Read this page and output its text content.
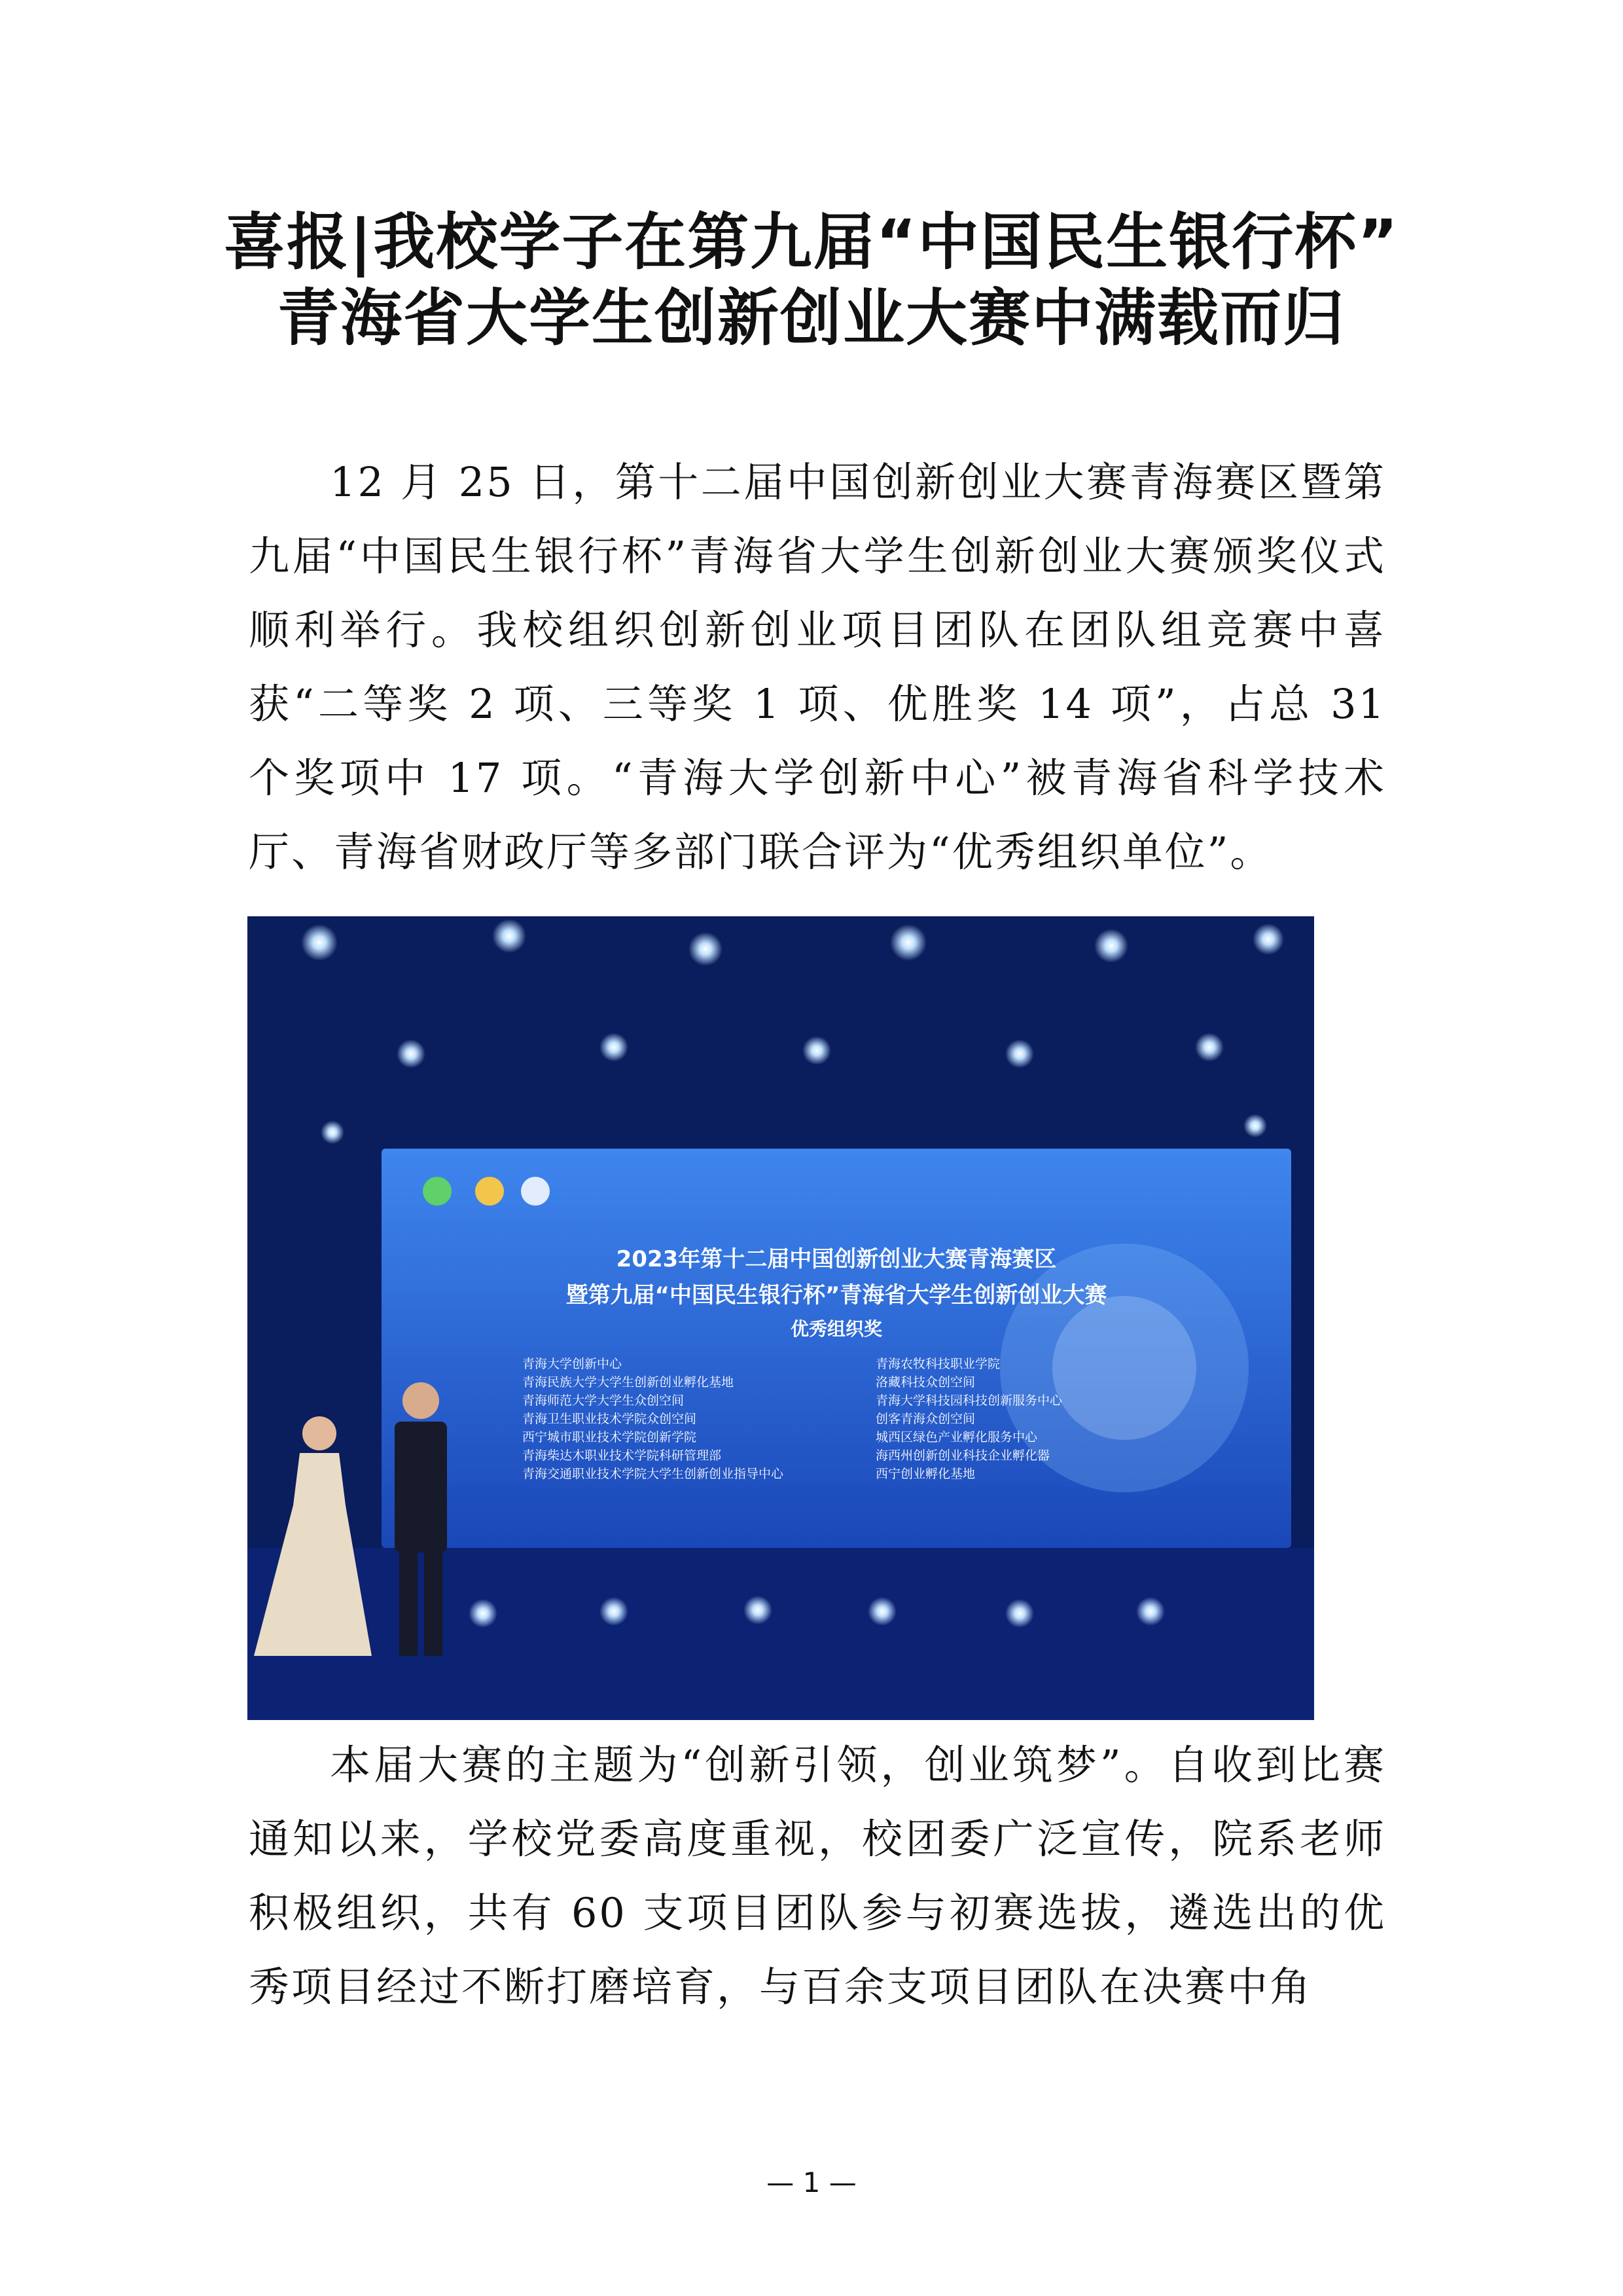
喜报|我校学子在第九届“中国民生银行杯”
青海省大学生创新创业大赛中满载而归

12 月 25 日，第十二届中国创新创业大赛青海赛区暨第九届“中国民生银行杯”青海省大学生创新创业大赛颁奖仪式顺利举行。我校组织创新创业项目团队在团队组竞赛中喜获“二等奖 2 项、三等奖 1 项、优胜奖 14 项”，占总 31 个奖项中 17 项。“青海大学创新中心”被青海省科学技术厅、青海省财政厅等多部门联合评为“优秀组织单位”。

2023年第十二届中国创新创业大赛青海赛区
暨第九届“中国民生银行杯”青海省大学生创新创业大赛
优秀组织奖
青海大学创新中心
青海民族大学大学生创新创业孵化基地
青海师范大学大学生众创空间
青海卫生职业技术学院众创空间
西宁城市职业技术学院创新学院
青海柴达木职业技术学院科研管理部
青海交通职业技术学院大学生创新创业指导中心
青海农牧科技职业学院
洛藏科技众创空间
青海大学科技园科技创新服务中心
创客青海众创空间
城西区绿色产业孵化服务中心
海西州创新创业科技企业孵化器
西宁创业孵化基地

本届大赛的主题为“创新引领，创业筑梦”。自收到比赛通知以来，学校党委高度重视，校团委广泛宣传，院系老师积极组织，共有 60 支项目团队参与初赛选拔，遴选出的优秀项目经过不断打磨培育，与百余支项目团队在决赛中角

— 1 —
